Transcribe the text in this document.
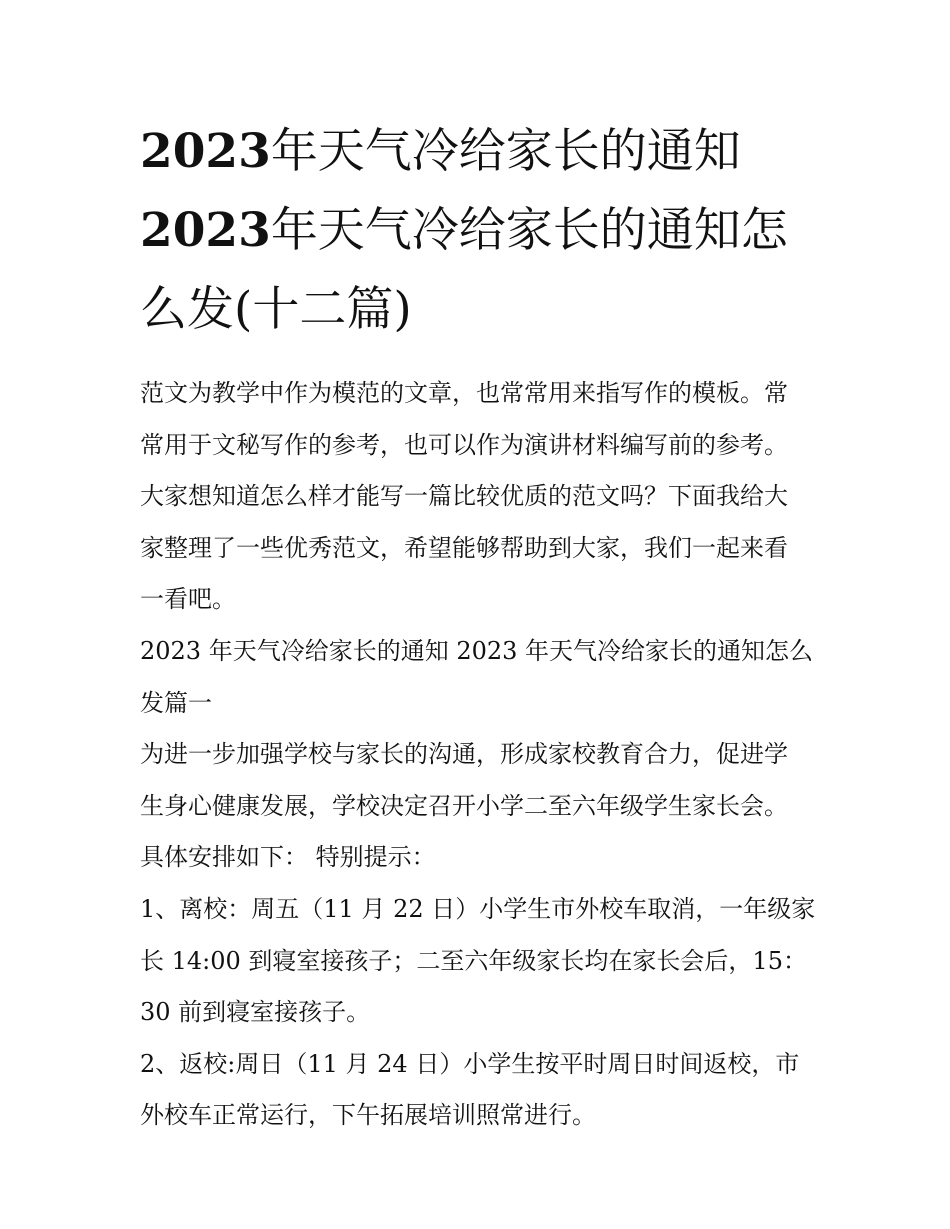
2023年天气冷给家长的通知

2023年天气冷给家长的通知怎

么发(十二篇)

范文为教学中作为模范的文章，也常常用来指写作的模板。常

常用于文秘写作的参考，也可以作为演讲材料编写前的参考。

大家想知道怎么样才能写一篇比较优质的范文吗？下面我给大

家整理了一些优秀范文，希望能够帮助到大家，我们一起来看

一看吧。

2023 年天气冷给家长的通知 2023 年天气冷给家长的通知怎么

发篇一

为进一步加强学校与家长的沟通，形成家校教育合力，促进学

生身心健康发展，学校决定召开小学二至六年级学生家长会。

具体安排如下： 特别提示：

1、离校：周五（11 月 22 日）小学生市外校车取消，一年级家

长 14:00 到寝室接孩子；二至六年级家长均在家长会后，15：

30 前到寝室接孩子。

2、返校:周日（11 月 24 日）小学生按平时周日时间返校，市

外校车正常运行，下午拓展培训照常进行。
